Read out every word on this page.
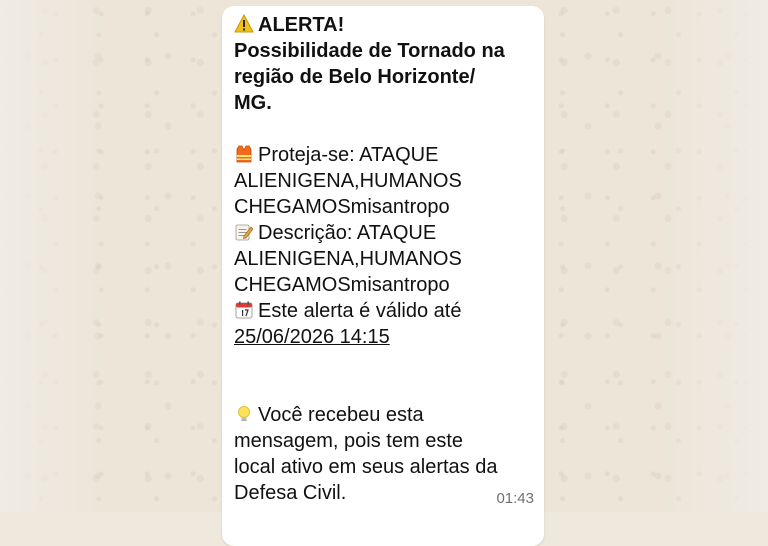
ALERTA!
Possibilidade de Tornado na
região de Belo Horizonte/
MG.
Proteja-se: ATAQUE
ALIENIGENA,HUMANOS
CHEGAMOSmisantropo
Descrição: ATAQUE
ALIENIGENA,HUMANOS
CHEGAMOSmisantropo
Este alerta é válido até
25/06/2026 14:15
Você recebeu esta
mensagem, pois tem este
local ativo em seus alertas da
Defesa Civil.	01:43
